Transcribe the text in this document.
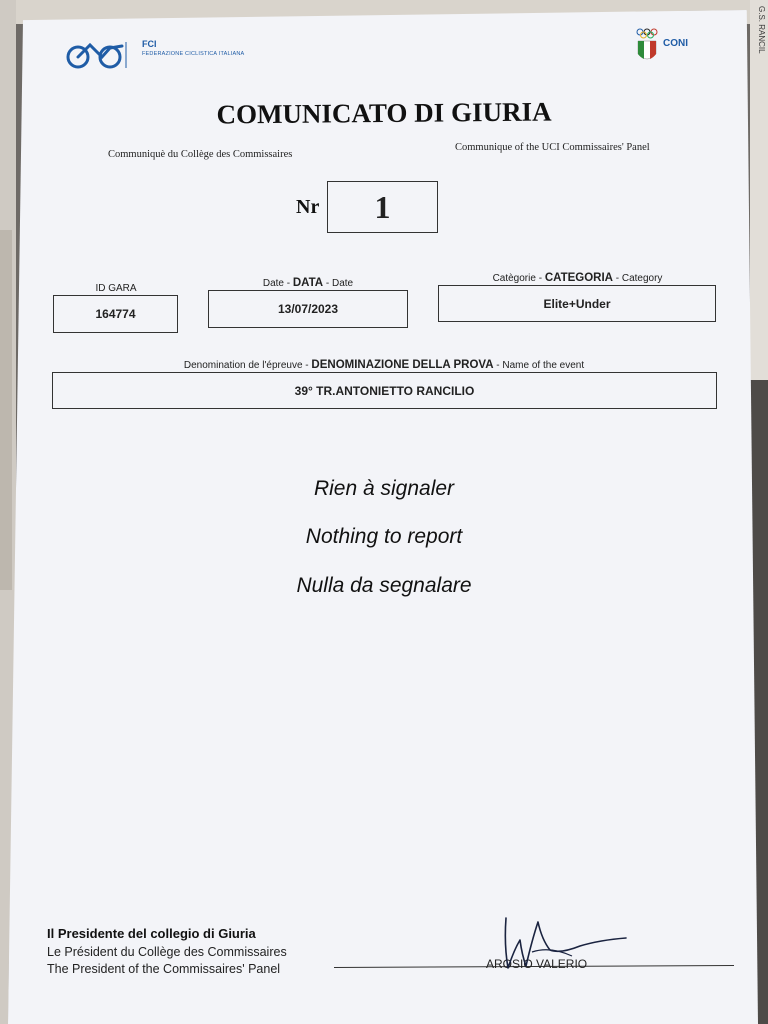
G.S. RANCIL
FCI
FEDERAZIONE CICLISTICA ITALIANA
CONI
COMUNICATO DI GIURIA
Communiquè du Collège des Commissaires
Communique of the UCI Commissaires' Panel
Nr 1
ID GARA
164774
Date - DATA - Date
13/07/2023
Catègorie - CATEGORIA - Category
Elite+Under
Denomination de l'épreuve - DENOMINAZIONE DELLA PROVA - Name of the event
39° TR.ANTONIETTO RANCILIO
Rien à signaler
Nothing to report
Nulla da segnalare
Il Presidente del collegio di Giuria
Le Président du Collège des Commissaires
The President of the Commissaires' Panel	AROSIO VALERIO
